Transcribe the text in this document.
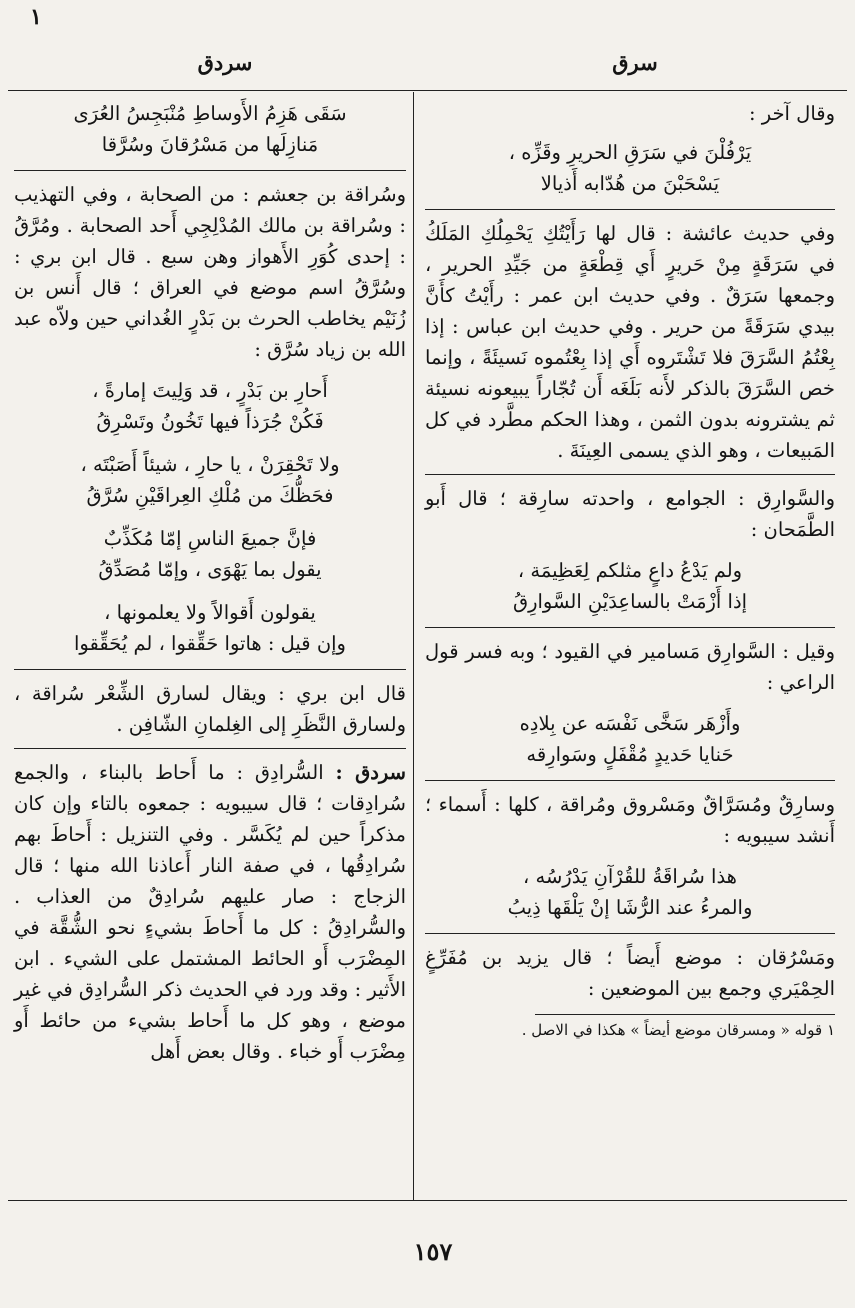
١
سرق
سردق

وقال آخر :

يَرْفُلْنَ في سَرَقِ الحريرِ وقَزِّه ،
يَسْحَبْنَ من هُدّابه أَذيالا

وفي حديث عائشة : قال لها رَأَيْتُكِ يَحْمِلُكِ المَلَكُ في سَرَقَةٍ مِنْ حَريرٍ أَي قِطْعَةٍ من جَيِّدِ الحرير ، وجمعها سَرَقٌ . وفي حديث ابن عمر : رأَيْتُ كأَنَّ بيدي سَرَقَةً من حرير . وفي حديث ابن عباس : إذا بِعْتُمُ السَّرَقَ فلا تَشْتَروه أَي إذا بِعْتُموه نَسيئَةً ، وإنما خص السَّرَقَ بالذكر لأَنه بَلَغَه أَن تُجّاراً يبيعونه نسيئة ثم يشترونه بدون الثمن ، وهذا الحكم مطَّرد في كل المَبيعات ، وهو الذي يسمى العِينَةَ .

والسَّوارِق : الجوامع ، واحدته سارِقة ؛ قال أَبو الطَّمَحان :

ولم يَدْعُ داعٍ مثلكم لِعَظِيمَة ،
إذا أَزْمَتْ بالساعِدَيْنِ السَّوارِقُ

وقيل : السَّوارِق مَسامير في القيود ؛ وبه فسر قول الراعي :

وأَزْهَر سَخَّى نَفْسَه عن بِلادِه
حَنايا حَديدٍ مُقْفَلٍ وسَوارِقه

وسارِقٌ ومُسَرَّاقٌ ومَسْروق ومُراقة ، كلها : أَسماء ؛ أَنشد سيبويه :

هذا سُراقَةُ للقُرْآنِ يَدْرُسُه ،
والمرءُ عند الرُّشَا إنْ يَلْقَها ذِيبُ

ومَسْرُقان : موضع أَيضاً ؛ قال يزيد بن مُفَرِّغٍ الحِمْيَري وجمع بين الموضعين :

١ قوله « ومسرقان موضع أيضاً » هكذا في الاصل .

سَقَى هَزِمُ الأَوساطِ مُنْبَجِسُ العُرَى
مَنازِلَها من مَسْرُقانَ وسُرَّقا

وسُراقة بن جعشم : من الصحابة ، وفي التهذيب : وسُراقة بن مالك المُدْلِجِي أَحد الصحابة . ومُرَّقُ : إحدى كُوَرِ الأَهواز وهن سبع . قال ابن بري : وسُرَّقُ اسم موضع في العراق ؛ قال أَنس بن زُنَيْم يخاطب الحرث بن بَدْرٍ الغُداني حين ولاّه عبد الله بن زياد سُرَّق :

أَحارِ بن بَدْرٍ ، قد وَلِيتَ إمارةً ،
فَكُنْ جُرَذاً فيها تَخُونُ وتَسْرِقُ
ولا تَحْقِرَنْ ، يا حارِ ، شيئاً أَصَبْتَه ،
فحَظُّكَ من مُلْكِ العِراقَيْنِ سُرَّقُ
فإنَّ جميعَ الناسِ إمّا مُكَذِّبٌ
يقول بما يَهْوَى ، وإمّا مُصَدِّقُ
يقولون أَقوالاً ولا يعلمونها ،
وإن قيل : هاتوا حَقِّقوا ، لم يُحَقِّقوا

قال ابن بري : ويقال لسارق الشِّعْر سُراقة ، ولسارق النَّظَرِ إلى الغِلمانِ الشّافِن .

سردق : السُّرادِق : ما أَحاط بالبناء ، والجمع سُرادِقات ؛ قال سيبويه : جمعوه بالتاء وإن كان مذكراً حين لم يُكَسَّر . وفي التنزيل : أَحاطَ بهم سُرادِقُها ، في صفة النار أَعاذنا الله منها ؛ قال الزجاج : صار عليهم سُرادِقٌ من العذاب . والسُّرادِقُ : كل ما أَحاطَ بشيءٍ نحو الشُّقَّة في المِضْرَب أَو الحائط المشتمل على الشيء . ابن الأَثير : وقد ورد في الحديث ذكر السُّرادِق في غير موضع ، وهو كل ما أَحاط بشيء من حائط أَو مِضْرَب أَو خباء . وقال بعض أَهل

١٥٧
